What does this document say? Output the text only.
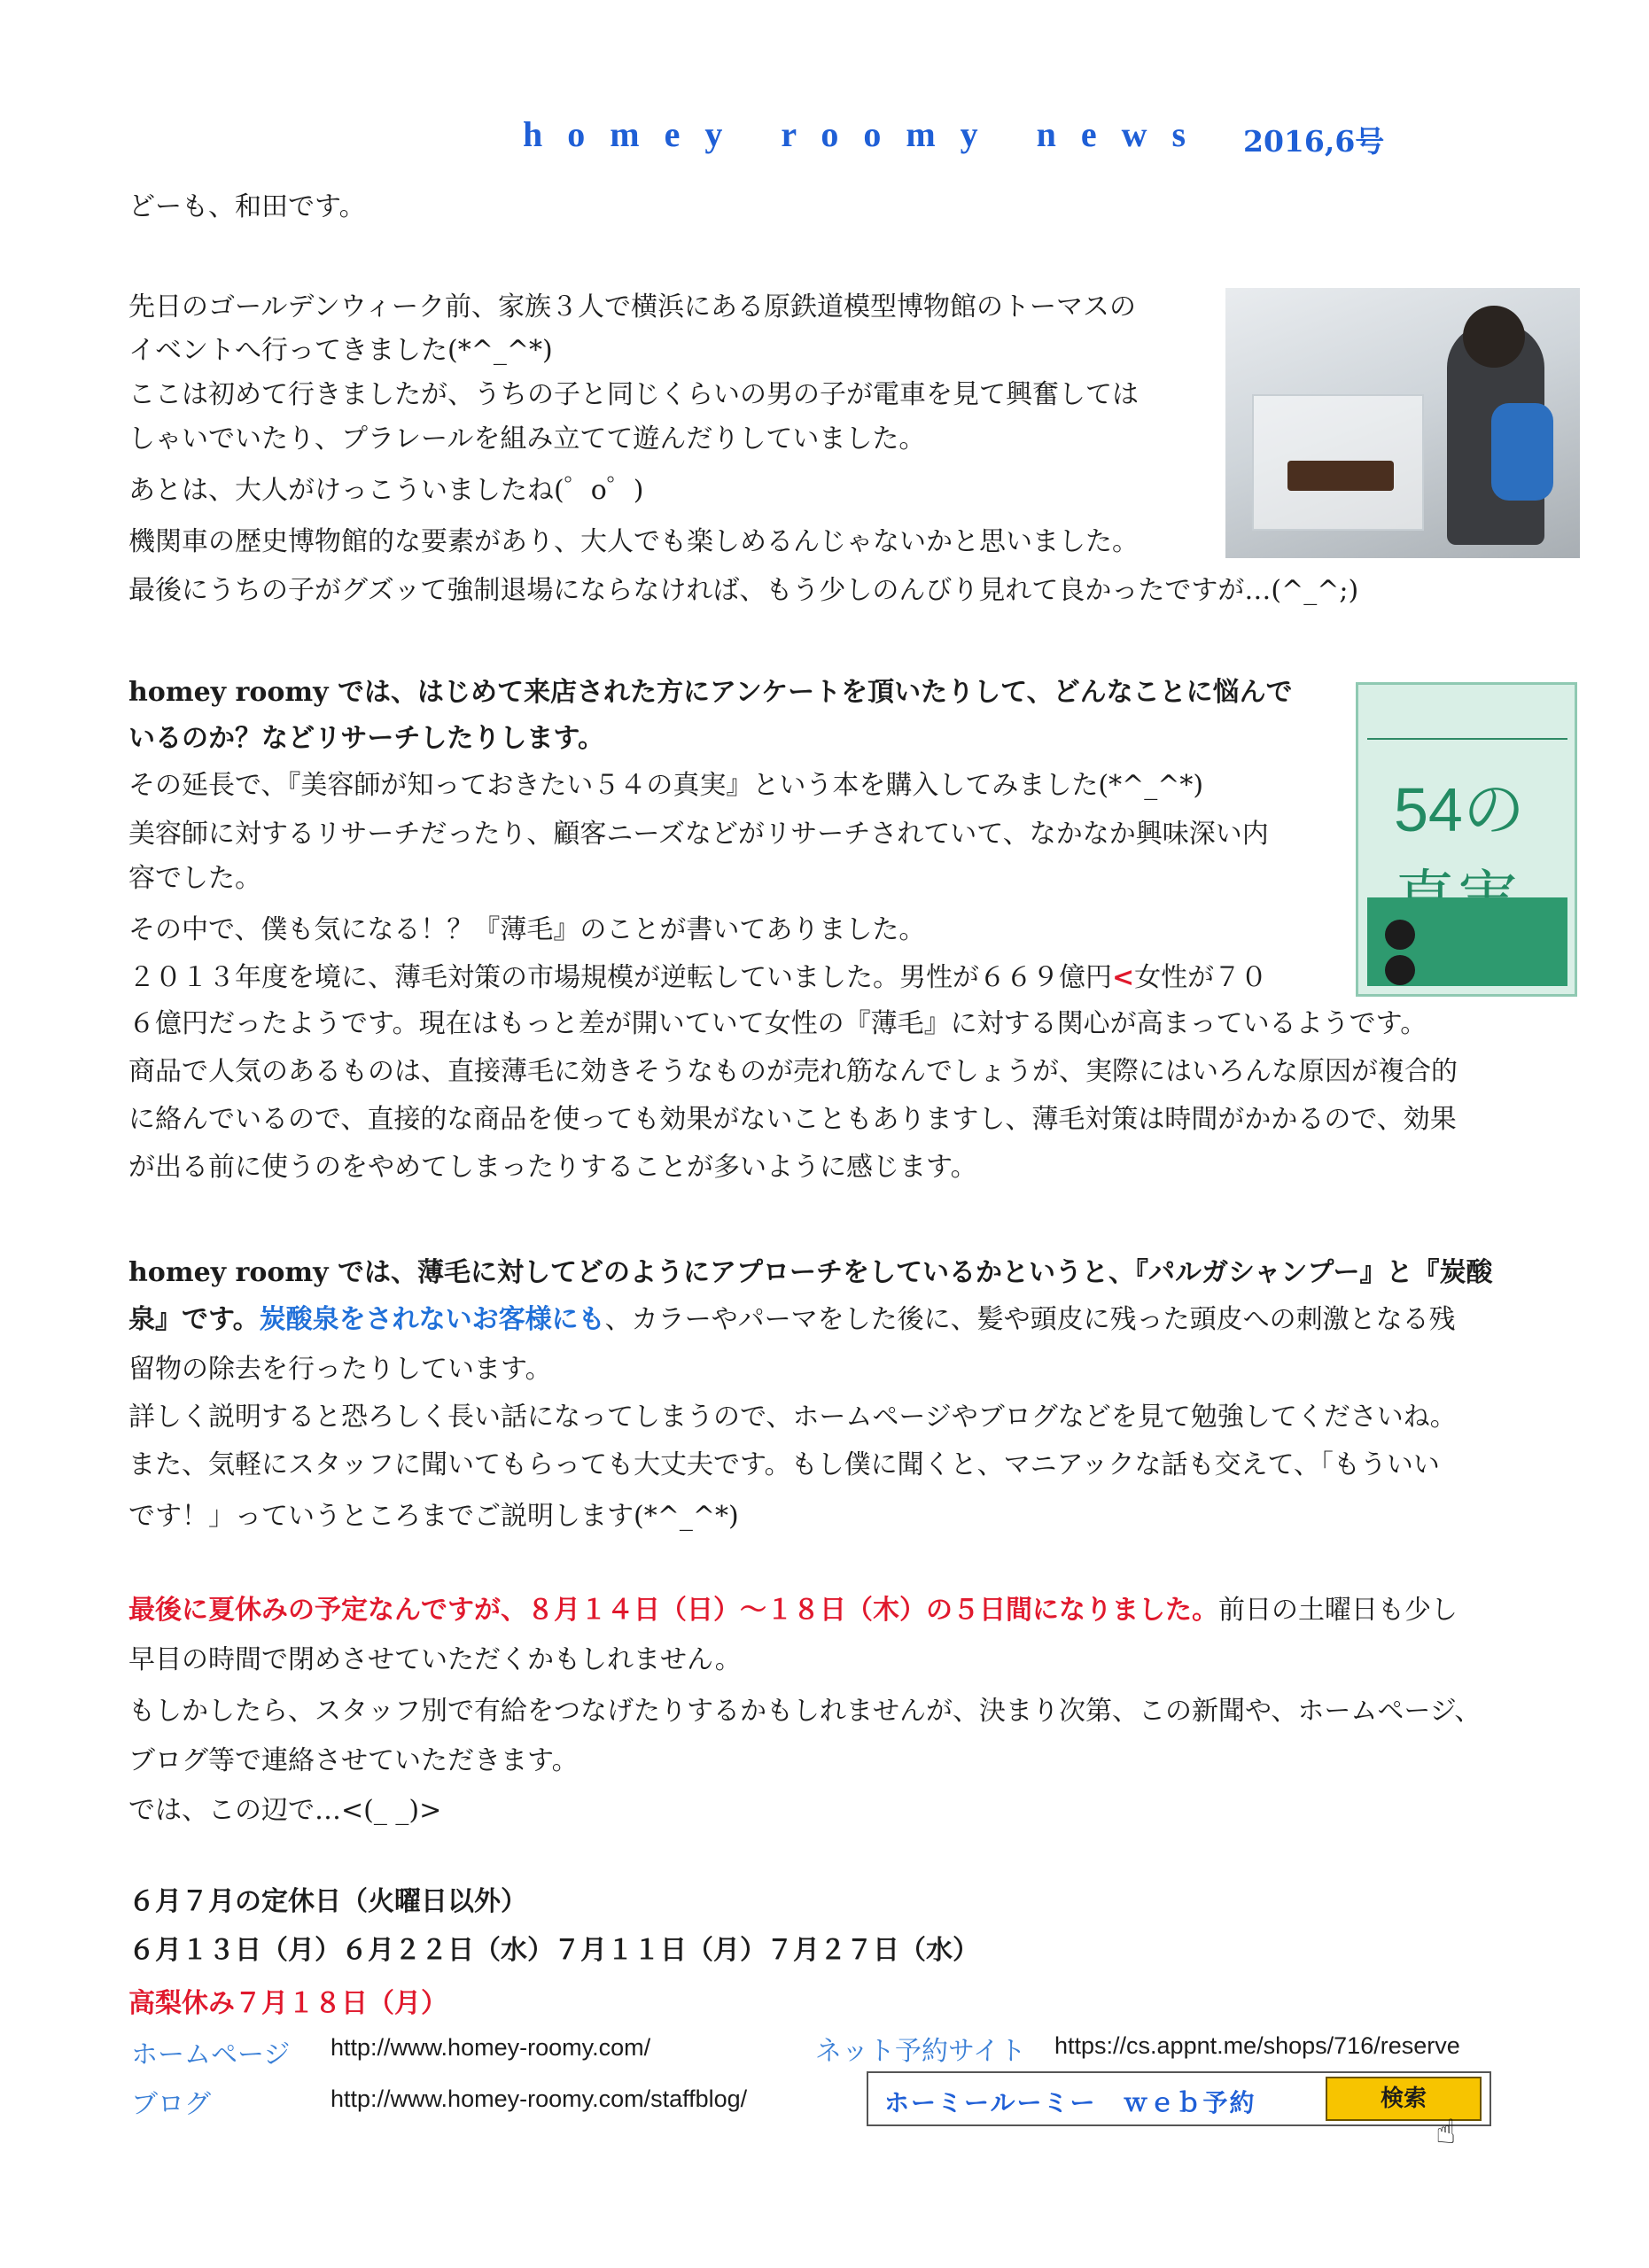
homey roomy news 2016,6号
どーも、和田です。
先日のゴールデンウィーク前、家族３人で横浜にある原鉄道模型博物館のトーマスの
イベントへ行ってきました(*^_^*)
ここは初めて行きましたが、うちの子と同じくらいの男の子が電車を見て興奮しては
しゃいでいたり、プラレールを組み立てて遊んだりしていました。
あとは、大人がけっこういましたね(゜o゜)
機関車の歴史博物館的な要素があり、大人でも楽しめるんじゃないかと思いました。
最後にうちの子がグズッて強制退場にならなければ、もう少しのんびり見れて良かったですが…(^_^;)
homey roomy では、はじめて来店された方にアンケートを頂いたりして、どんなことに悩んで
いるのか？などリサーチしたりします。
その延長で、『美容師が知っておきたい５４の真実』という本を購入してみました(*^_^*)
美容師に対するリサーチだったり、顧客ニーズなどがリサーチされていて、なかなか興味深い内
容でした。
その中で、僕も気になる！？『薄毛』のことが書いてありました。
２０１３年度を境に、薄毛対策の市場規模が逆転していました。男性が６６９億円<女性が７０
６億円だったようです。現在はもっと差が開いていて女性の『薄毛』に対する関心が高まっているようです。
商品で人気のあるものは、直接薄毛に効きそうなものが売れ筋なんでしょうが、実際にはいろんな原因が複合的
に絡んでいるので、直接的な商品を使っても効果がないこともありますし、薄毛対策は時間がかかるので、効果
が出る前に使うのをやめてしまったりすることが多いように感じます。
54の
homey roomy では、薄毛に対してどのようにアプローチをしているかというと、『パルガシャンプー』と『炭酸
泉』です。炭酸泉をされないお客様にも、カラーやパーマをした後に、髪や頭皮に残った頭皮への刺激となる残
留物の除去を行ったりしています。
詳しく説明すると恐ろしく長い話になってしまうので、ホームページやブログなどを見て勉強してくださいね。
また、気軽にスタッフに聞いてもらっても大丈夫です。もし僕に聞くと、マニアックな話も交えて、「もういい
です！」っていうところまでご説明します(*^_^*)
最後に夏休みの予定なんですが、８月１４日（日）～１８日（木）の５日間になりました。前日の土曜日も少し
早目の時間で閉めさせていただくかもしれません。
もしかしたら、スタッフ別で有給をつなげたりするかもしれませんが、決まり次第、この新聞や、ホームページ、
ブログ等で連絡させていただきます。
では、この辺で…<(_ _)>
６月７月の定休日（火曜日以外）
６月１３日（月）６月２２日（水）７月１１日（月）７月２７日（水）
高梨休み７月１８日（月）
ホームページ http://www.homey-roomy.com/	ネット予約サイト https://cs.appnt.me/shops/716/reserve
ブログ	http://www.homey-roomy.com/staffblog/	ホーミールーミー　ｗｅｂ予約	検索
☝
